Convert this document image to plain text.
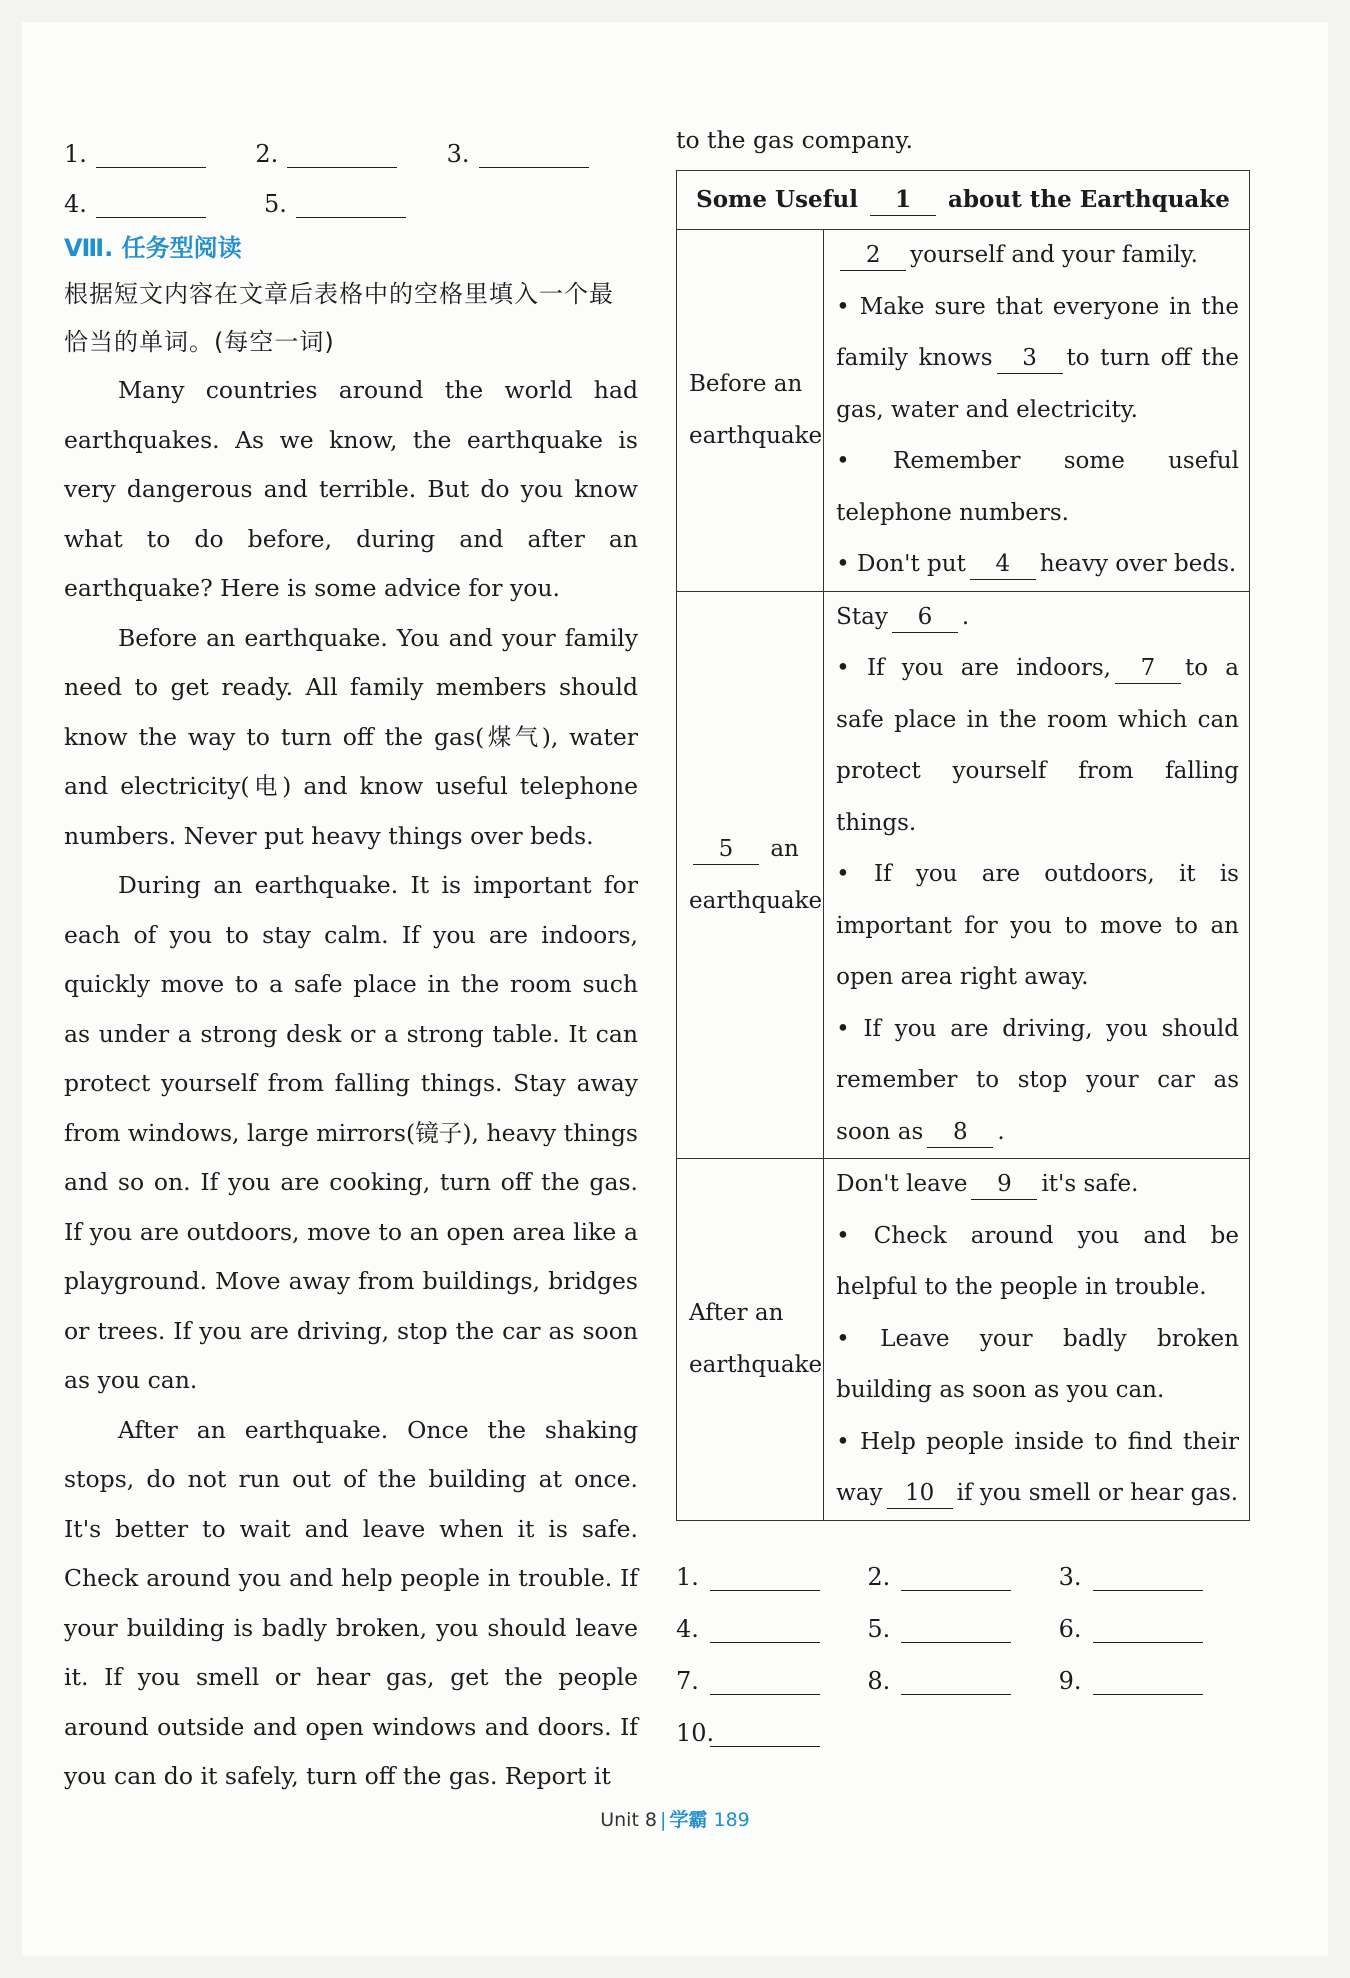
1.	2.	3.
4.	5.
Ⅷ. 任务型阅读
根据短文内容在文章后表格中的空格里填入一个最恰当的单词。(每空一词)

Many countries around the world had earthquakes. As we know, the earthquake is very dangerous and terrible. But do you know what to do before, during and after an earthquake? Here is some advice for you.

Before an earthquake. You and your family need to get ready. All family members should know the way to turn off the gas(煤气), water and electricity(电) and know useful telephone numbers. Never put heavy things over beds.

During an earthquake. It is important for each of you to stay calm. If you are indoors, quickly move to a safe place in the room such as under a strong desk or a strong table. It can protect yourself from falling things. Stay away from windows, large mirrors(镜子), heavy things and so on. If you are cooking, turn off the gas. If you are outdoors, move to an open area like a playground. Move away from buildings, bridges or trees. If you are driving, stop the car as soon as you can.

After an earthquake. Once the shaking stops, do not run out of the building at once. It's better to wait and leave when it is safe. Check around you and help people in trouble. If your building is badly broken, you should leave it. If you smell or hear gas, get the people around outside and open windows and doors. If you can do it safely, turn off the gas. Report it

to the gas company.
Some Useful 1 about the Earthquake	
Before an earthquake	2 yourself and your family.
• Make sure that everyone in the family knows 3 to turn off the gas, water and electricity.
• Remember some useful telephone numbers.
• Don't put 4 heavy over beds.

5 an earthquake	Stay 6 .
• If you are indoors, 7 to a safe place in the room which can protect yourself from falling things.
• If you are outdoors, it is important for you to move to an open area right away.
• If you are driving, you should remember to stop your car as soon as 8 .

After an earthquake	Don't leave 9 it's safe.
• Check around you and be helpful to the people in trouble.
• Leave your badly broken building as soon as you can.
• Help people inside to find their way 10 if you smell or hear gas.
1.	2.	3.
4.	5.	6.
7.	8.	9.
10.
Unit 8 | 学霸 189
